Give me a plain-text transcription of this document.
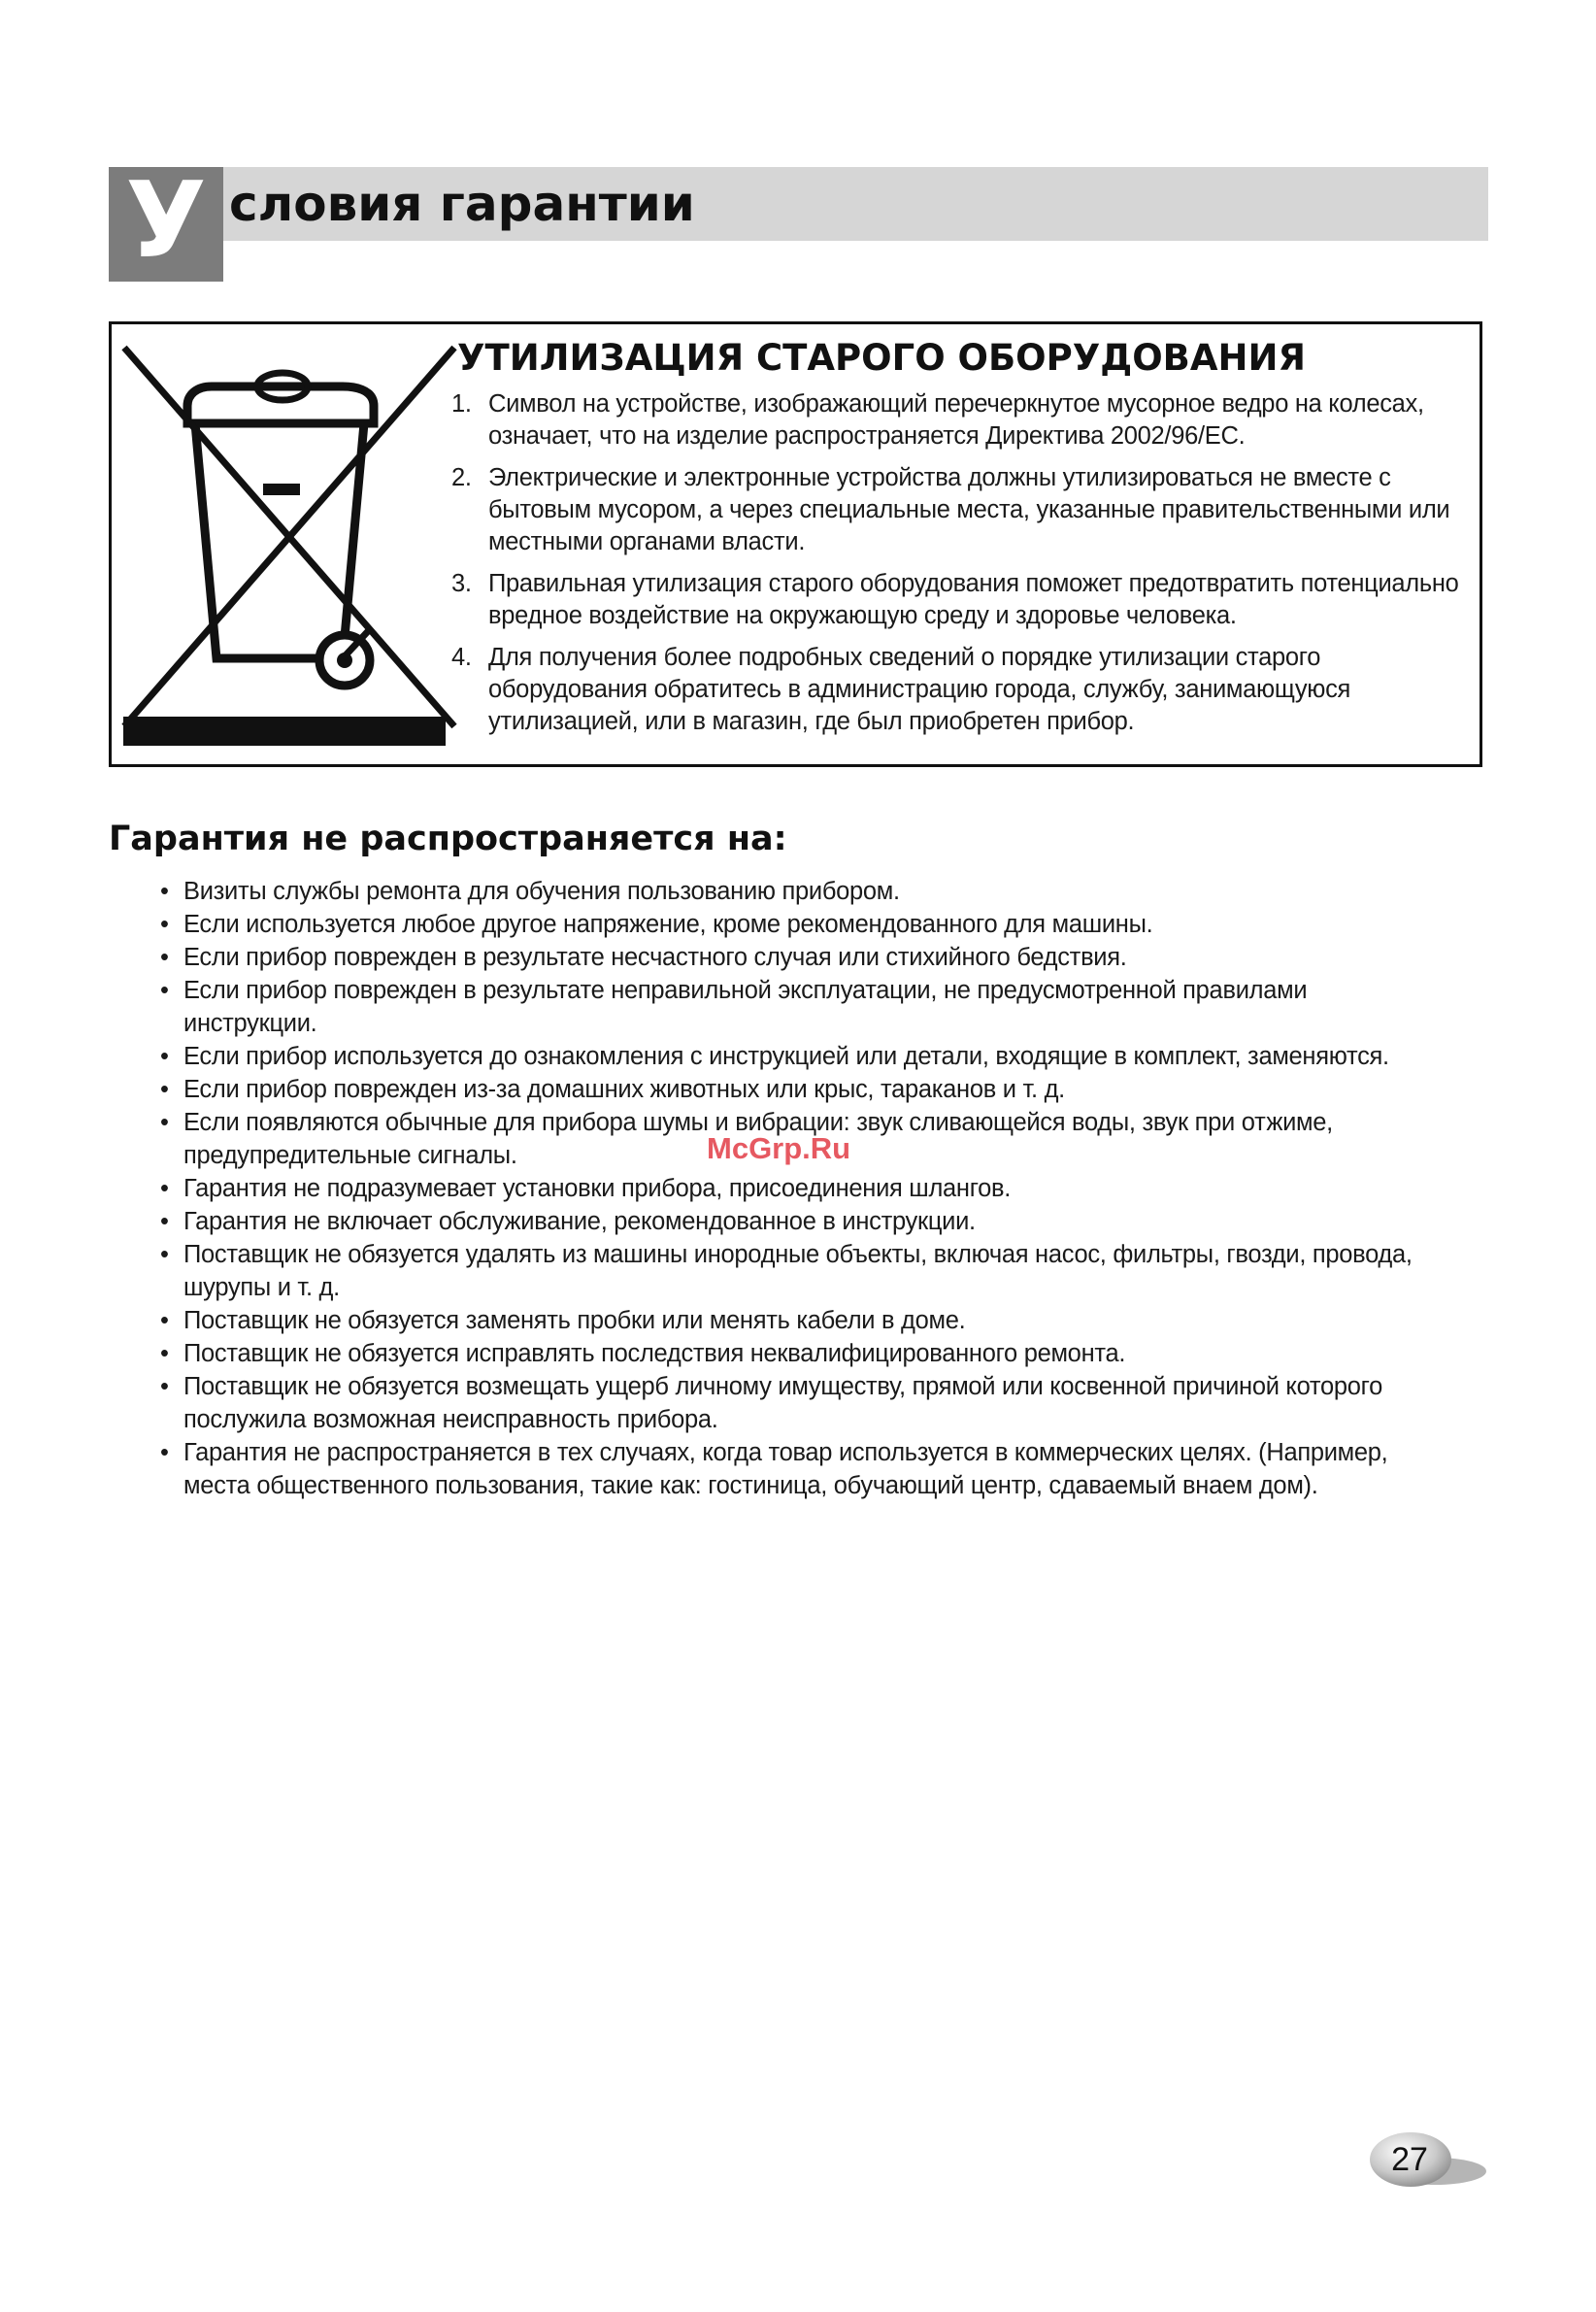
У словия гарантии
УТИЛИЗАЦИЯ СТАРОГО ОБОРУДОВАНИЯ
1. Символ на устройстве, изображающий перечеркнутое мусорное ведро на колесах, означает, что на изделие распространяется Директива 2002/96/EC.
2. Электрические и электронные устройства должны утилизироваться не вместе с бытовым мусором, а через специальные места, указанные правительственными или местными органами власти.
3. Правильная утилизация старого оборудования поможет предотвратить потенциально вредное воздействие на окружающую среду и здоровье человека.
4. Для получения более подробных сведений о порядке утилизации старого оборудования обратитесь в администрацию города, службу, занимающуюся утилизацией, или в магазин, где был приобретен прибор.
Гарантия не распространяется на:
• Визиты службы ремонта для обучения пользованию прибором.
• Если используется любое другое напряжение, кроме рекомендованного для машины.
• Если прибор поврежден в результате несчастного случая или стихийного бедствия.
• Если прибор поврежден в результате неправильной эксплуатации, не предусмотренной правилами инструкции.
• Если прибор используется до ознакомления с инструкцией или детали, входящие в комплект, заменяются.
• Если прибор поврежден из-за домашних животных или крыс, тараканов и т. д.
• Если появляются обычные для прибора шумы и вибрации: звук сливающейся воды, звук при отжиме, предупредительные сигналы.
• Гарантия не подразумевает установки прибора, присоединения шлангов.
• Гарантия не включает обслуживание, рекомендованное в инструкции.
• Поставщик не обязуется удалять из машины инородные объекты, включая насос, фильтры, гвозди, провода, шурупы и т. д.
• Поставщик не обязуется заменять пробки или менять кабели в доме.
• Поставщик не обязуется исправлять последствия неквалифицированного ремонта.
• Поставщик не обязуется возмещать ущерб личному имуществу, прямой или косвенной причиной которого послужила возможная неисправность прибора.
• Гарантия не распространяется в тех случаях, когда товар используется в коммерческих целях. (Например, места общественного пользования, такие как: гостиница, обучающий центр, сдаваемый внаем дом).
McGrp.Ru
27
